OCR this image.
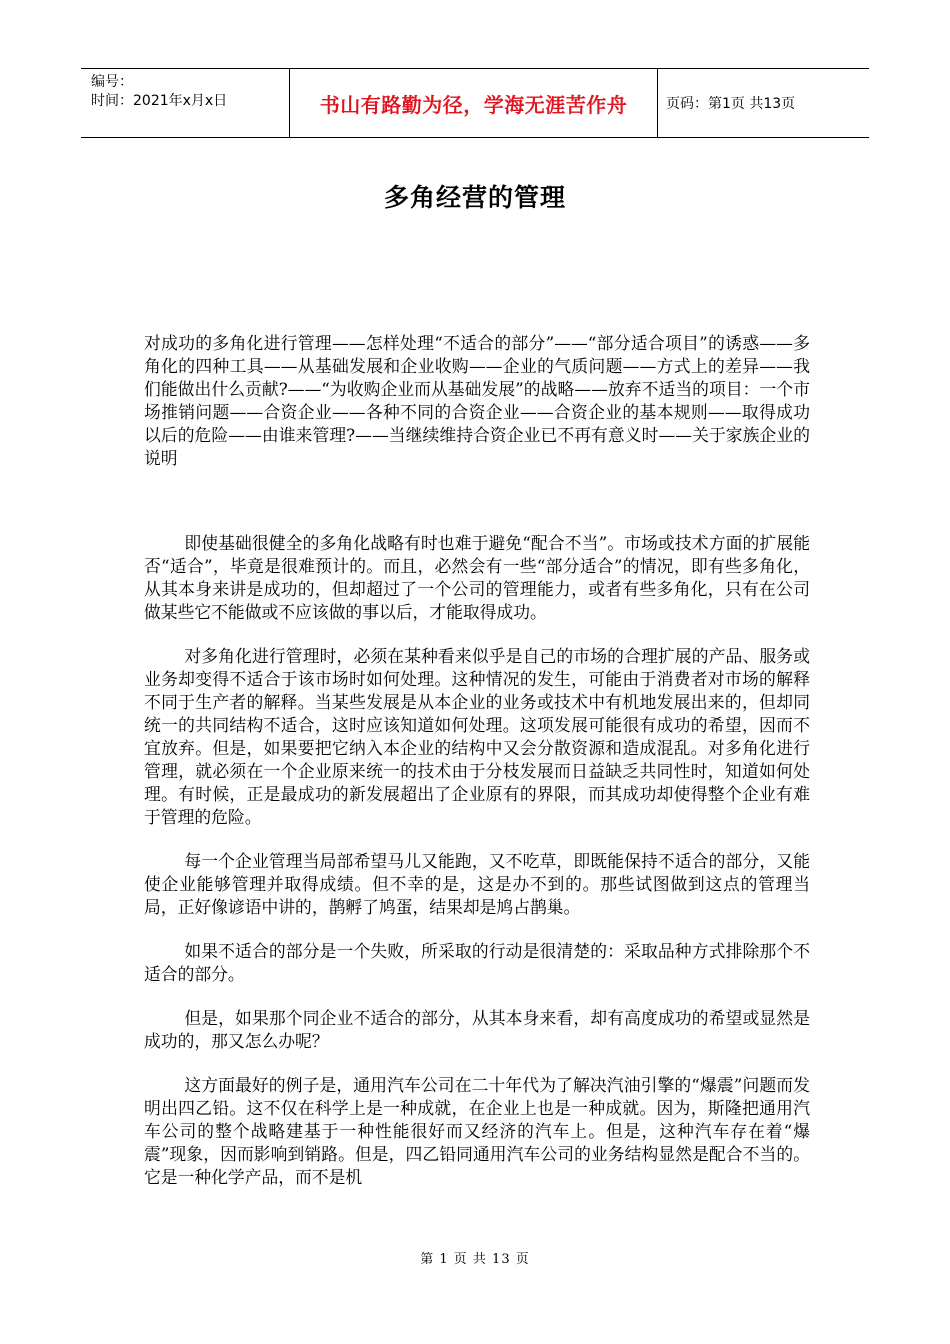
编号：
时间：2021年x月x日	书山有路勤为径，学海无涯苦作舟	页码：第1页 共13页
多角经营的管理
对成功的多角化进行管理——怎样处理“不适合的部分”——“部分适合项目”的诱惑——多角化的四种工具——从基础发展和企业收购——企业的气质问题——方式上的差异——我们能做出什么贡献?——“为收购企业而从基础发展”的战略——放弃不适当的项目：一个市场推销问题——合资企业——各种不同的合资企业——合资企业的基本规则——取得成功以后的危险——由谁来管理?——当继续维持合资企业已不再有意义时——关于家族企业的说明

即使基础很健全的多角化战略有时也难于避免“配合不当”。市场或技术方面的扩展能否“适合”，毕竟是很难预计的。而且，必然会有一些“部分适合”的情况，即有些多角化，从其本身来讲是成功的，但却超过了一个公司的管理能力，或者有些多角化，只有在公司做某些它不能做或不应该做的事以后，才能取得成功。

对多角化进行管理时，必须在某种看来似乎是自己的市场的合理扩展的产品、服务或业务却变得不适合于该市场时如何处理。这种情况的发生，可能由于消费者对市场的解释不同于生产者的解释。当某些发展是从本企业的业务或技术中有机地发展出来的，但却同统一的共同结构不适合，这时应该知道如何处理。这项发展可能很有成功的希望，因而不宜放弃。但是，如果要把它纳入本企业的结构中又会分散资源和造成混乱。对多角化进行管理，就必须在一个企业原来统一的技术由于分枝发展而日益缺乏共同性时，知道如何处理。有时候，正是最成功的新发展超出了企业原有的界限，而其成功却使得整个企业有难于管理的危险。

每一个企业管理当局部希望马儿又能跑，又不吃草，即既能保持不适合的部分，又能使企业能够管理并取得成绩。但不幸的是，这是办不到的。那些试图做到这点的管理当局，正好像谚语中讲的，鹊孵了鸠蛋，结果却是鸠占鹊巢。

如果不适合的部分是一个失败，所采取的行动是很清楚的：采取品种方式排除那个不适合的部分。

但是，如果那个同企业不适合的部分，从其本身来看，却有高度成功的希望或显然是成功的，那又怎么办呢？

这方面最好的例子是，通用汽车公司在二十年代为了解决汽油引擎的“爆震”问题而发明出四乙铅。这不仅在科学上是一种成就，在企业上也是一种成就。因为，斯隆把通用汽车公司的整个战略建基于一种性能很好而又经济的汽车上。但是，这种汽车存在着“爆震”现象，因而影响到销路。但是，四乙铅同通用汽车公司的业务结构显然是配合不当的。它是一种化学产品，而不是机

第 1 页 共 13 页
